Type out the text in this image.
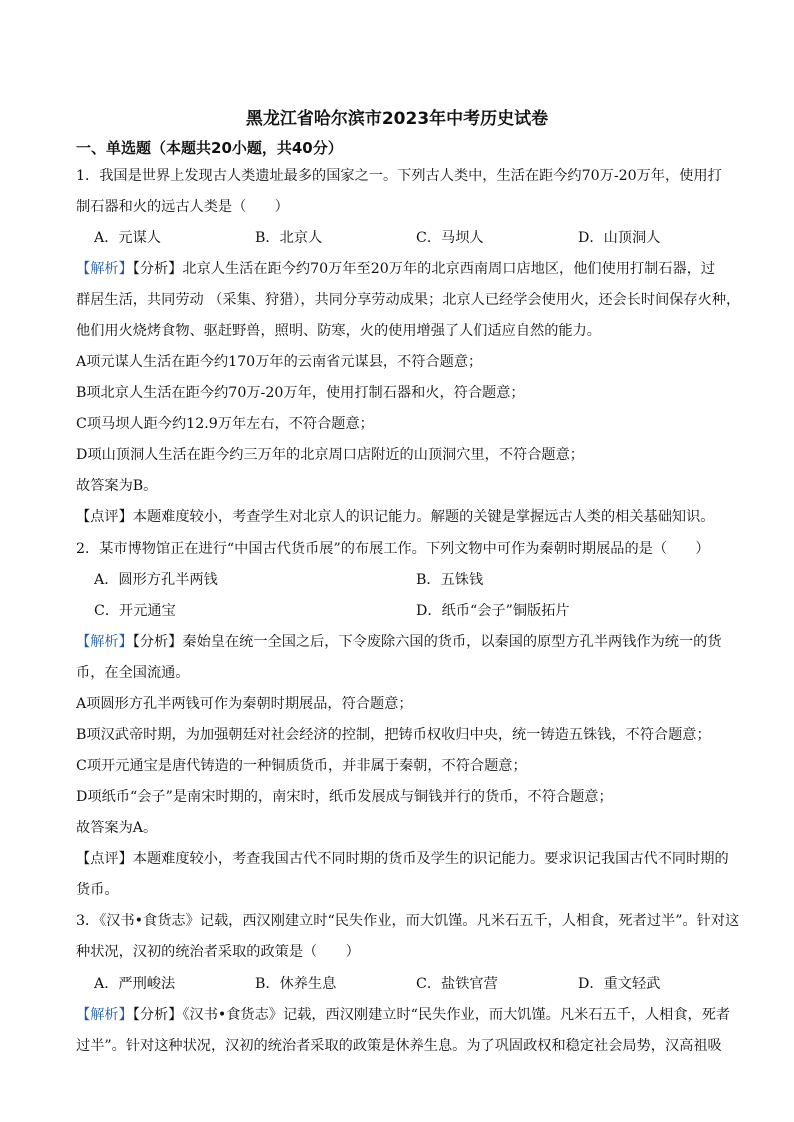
黑龙江省哈尔滨市2023年中考历史试卷
一、单选题（本题共20小题，共40分）
1．我国是世界上发现古人类遗址最多的国家之一。下列古人类中，生活在距今约70万-20万年，使用打
制石器和火的远古人类是（　　）
A．元谋人	B．北京人	C．马坝人	D．山顶洞人
【解析】【分析】北京人生活在距今约70万年至20万年的北京西南周口店地区，他们使用打制石器，过
群居生活，共同劳动 （采集、狩猎），共同分享劳动成果；北京人已经学会使用火，还会长时间保存火种，
他们用火烧烤食物、驱赶野兽，照明、防寒，火的使用增强了人们适应自然的能力。
A项元谋人生活在距今约170万年的云南省元谋县，不符合题意；
B项北京人生活在距今约70万-20万年，使用打制石器和火，符合题意；
C项马坝人距今约12.9万年左右，不符合题意；
D项山顶洞人生活在距今约三万年的北京周口店附近的山顶洞穴里，不符合题意；
故答案为B。
【点评】本题难度较小，考查学生对北京人的识记能力。解题的关键是掌握远古人类的相关基础知识。
2．某市博物馆正在进行“中国古代货币展”的布展工作。下列文物中可作为秦朝时期展品的是（　　）
A．圆形方孔半两钱	B．五铢钱
C．开元通宝	D．纸币“会子”铜版拓片
【解析】【分析】秦始皇在统一全国之后，下令废除六国的货币，以秦国的原型方孔半两钱作为统一的货
币，在全国流通。
A项圆形方孔半两钱可作为秦朝时期展品，符合题意；
B项汉武帝时期，为加强朝廷对社会经济的控制，把铸币权收归中央，统一铸造五铢钱，不符合题意；
C项开元通宝是唐代铸造的一种铜质货币，并非属于秦朝，不符合题意；
D项纸币“会子”是南宋时期的，南宋时，纸币发展成与铜钱并行的货币，不符合题意；
故答案为A。
【点评】本题难度较小，考查我国古代不同时期的货币及学生的识记能力。要求识记我国古代不同时期的
货币。
3．《汉书•食货志》记载，西汉刚建立时“民失作业，而大饥馑。凡米石五千，人相食，死者过半”。针对这
种状况，汉初的统治者采取的政策是（　　）
A．严刑峻法	B．休养生息	C．盐铁官营	D．重文轻武
【解析】【分析】《汉书•食货志》记载，西汉刚建立时“民失作业，而大饥馑。凡米石五千，人相食，死者
过半”。针对这种状况，汉初的统治者采取的政策是休养生息。为了巩固政权和稳定社会局势，汉高祖吸
